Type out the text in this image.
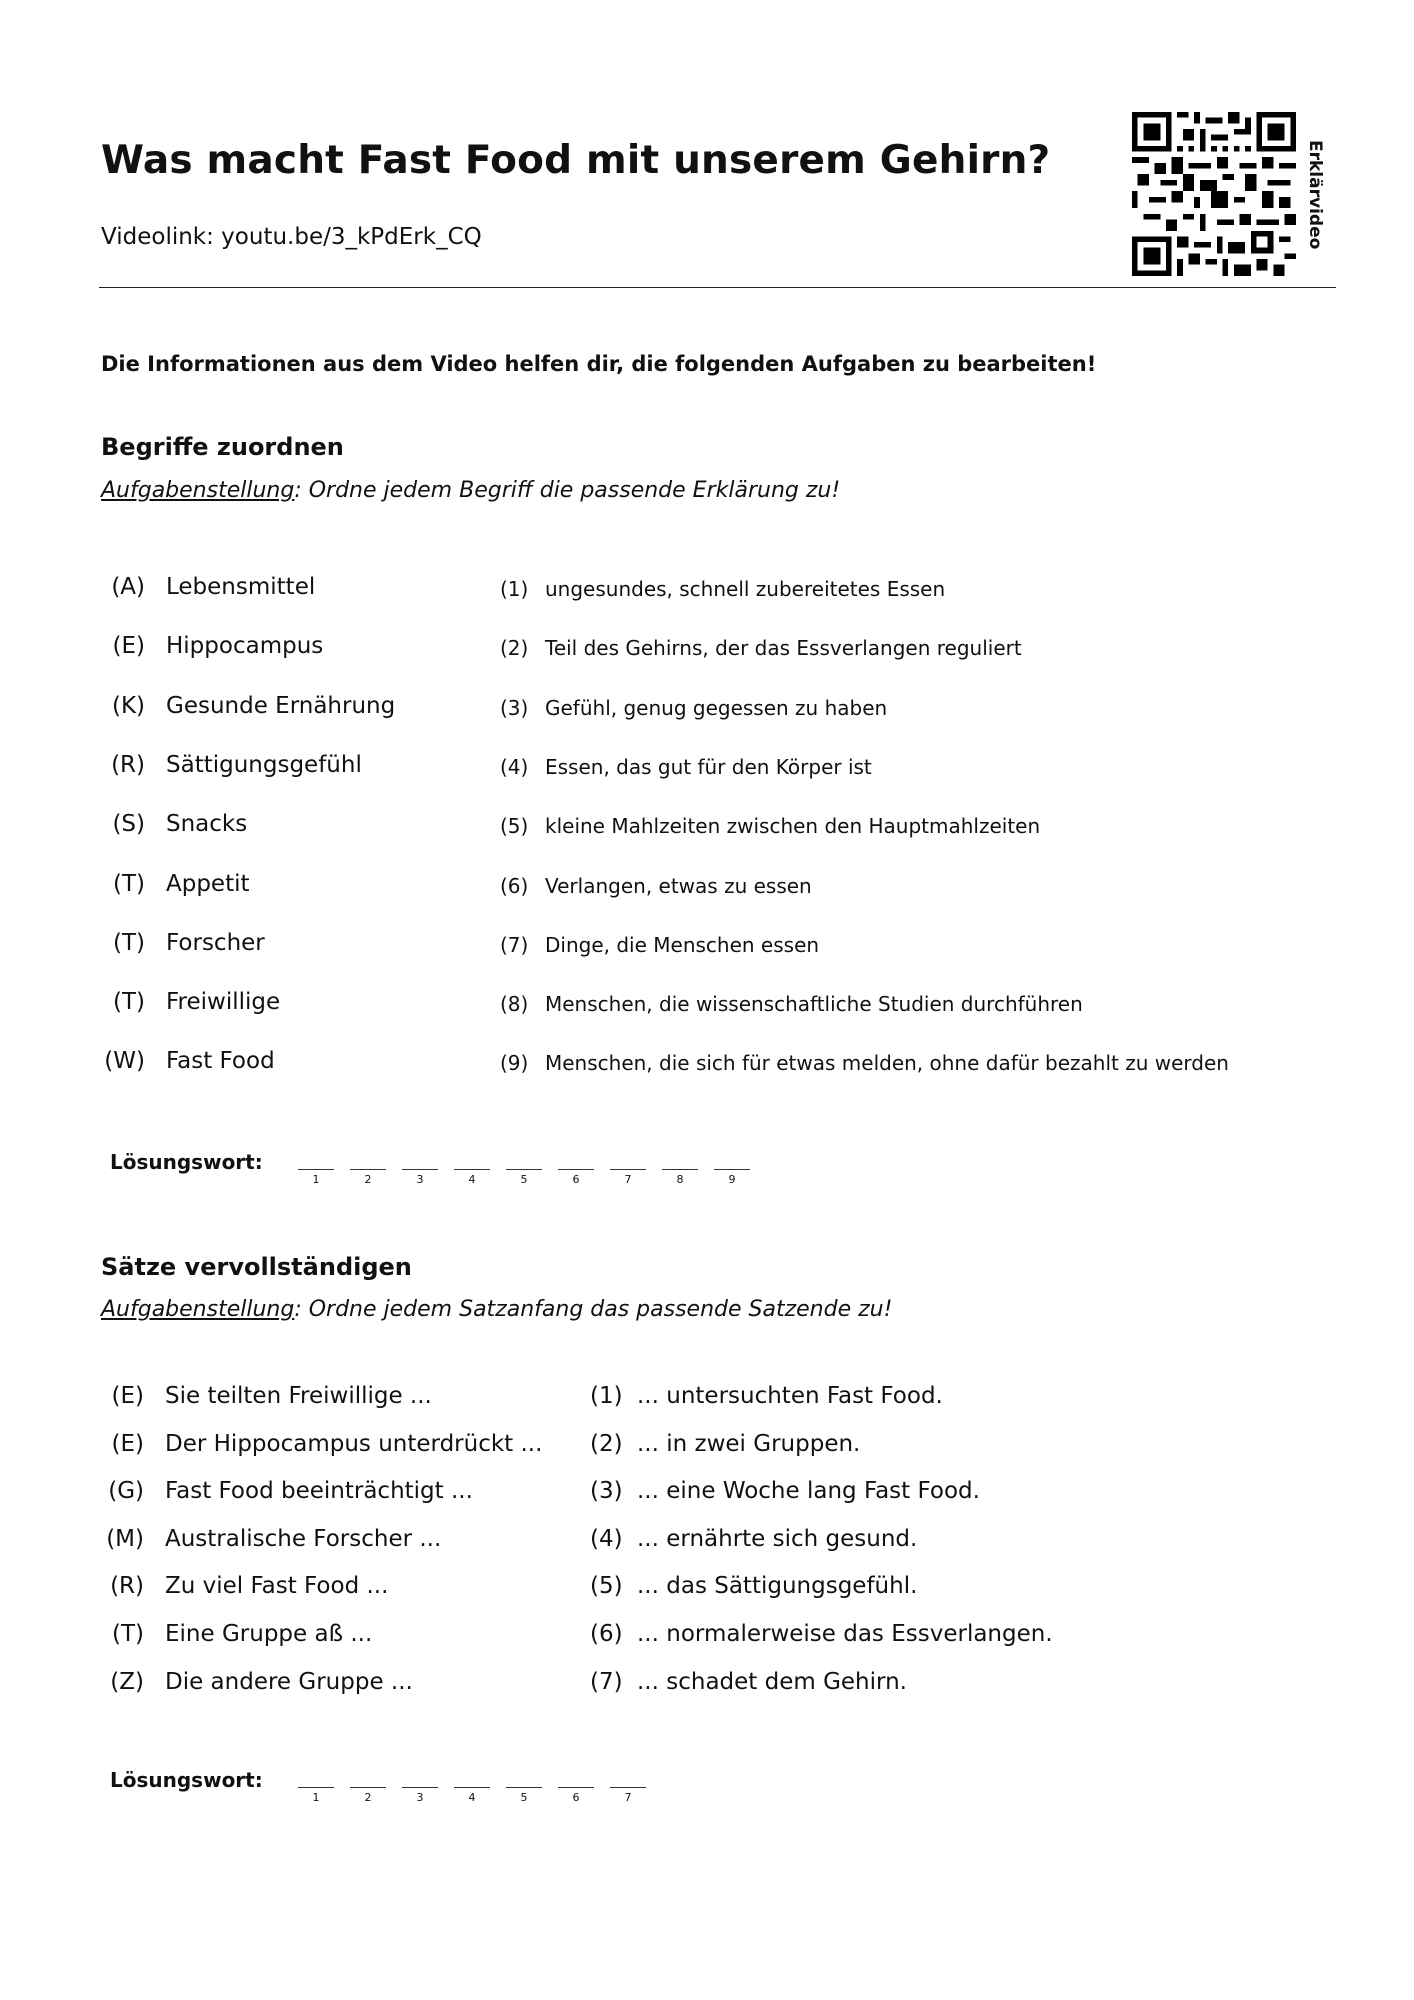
Was macht Fast Food mit unserem Gehirn?
Videolink: youtu.be/3_kPdErk_CQ	Erklärvideo
Die Informationen aus dem Video helfen dir, die folgenden Aufgaben zu bearbeiten!
Begriffe zuordnen
Aufgabenstellung: Ordne jedem Begriff die passende Erklärung zu!
(A) Lebensmittel	(1) ungesundes, schnell zubereitetes Essen
(E) Hippocampus	(2) Teil des Gehirns, der das Essverlangen reguliert
(K) Gesunde Ernährung	(3) Gefühl, genug gegessen zu haben
(R) Sättigungsgefühl	(4) Essen, das gut für den Körper ist
(S) Snacks	(5) kleine Mahlzeiten zwischen den Hauptmahlzeiten
(T) Appetit	(6) Verlangen, etwas zu essen
(T) Forscher	(7) Dinge, die Menschen essen
(T) Freiwillige	(8) Menschen, die wissenschaftliche Studien durchführen
(W) Fast Food	(9) Menschen, die sich für etwas melden, ohne dafür bezahlt zu werden
Lösungswort:
1	2	3	4	5	6	7	8	9
Sätze vervollständigen
Aufgabenstellung: Ordne jedem Satzanfang das passende Satzende zu!
(E) Sie teilten Freiwillige ...	(1) ... untersuchten Fast Food.
(E) Der Hippocampus unterdrückt ... (2) ... in zwei Gruppen.
(G) Fast Food beeinträchtigt ...	(3) ... eine Woche lang Fast Food.
(M) Australische Forscher ...	(4) ... ernährte sich gesund.
(R) Zu viel Fast Food ...	(5) ... das Sättigungsgefühl.
(T) Eine Gruppe aß ...	(6) ... normalerweise das Essverlangen.
(Z) Die andere Gruppe ...	(7) ... schadet dem Gehirn.
Lösungswort:
1	2	3	4	5	6	7
